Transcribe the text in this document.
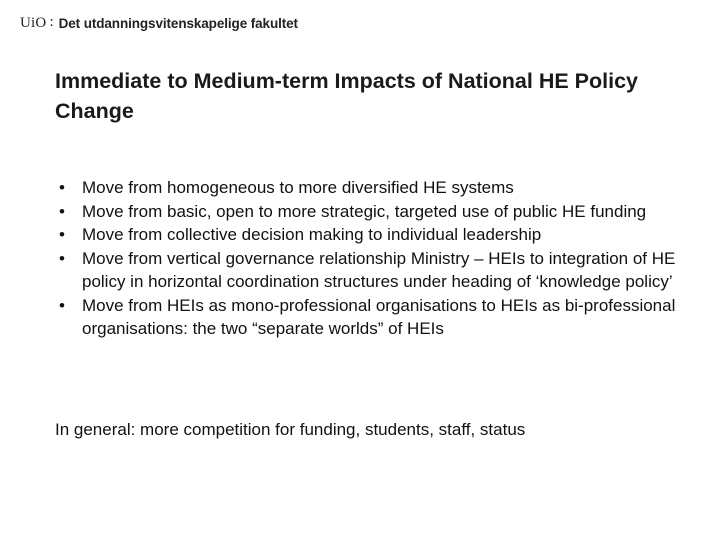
UiO : Det utdanningsvitenskapelige fakultet
Immediate to Medium-term Impacts of National HE Policy Change
•	Move from homogeneous to more diversified HE systems
•	Move from basic, open to more strategic, targeted use of public HE funding
•	Move from collective decision making to individual leadership
•	Move from vertical governance relationship Ministry – HEIs to integration of HE policy in horizontal coordination structures under heading of ‘knowledge policy’
•	Move from HEIs as mono-professional organisations to HEIs as bi-professional organisations: the two “separate worlds” of HEIs

In general: more competition for funding, students, staff, status
